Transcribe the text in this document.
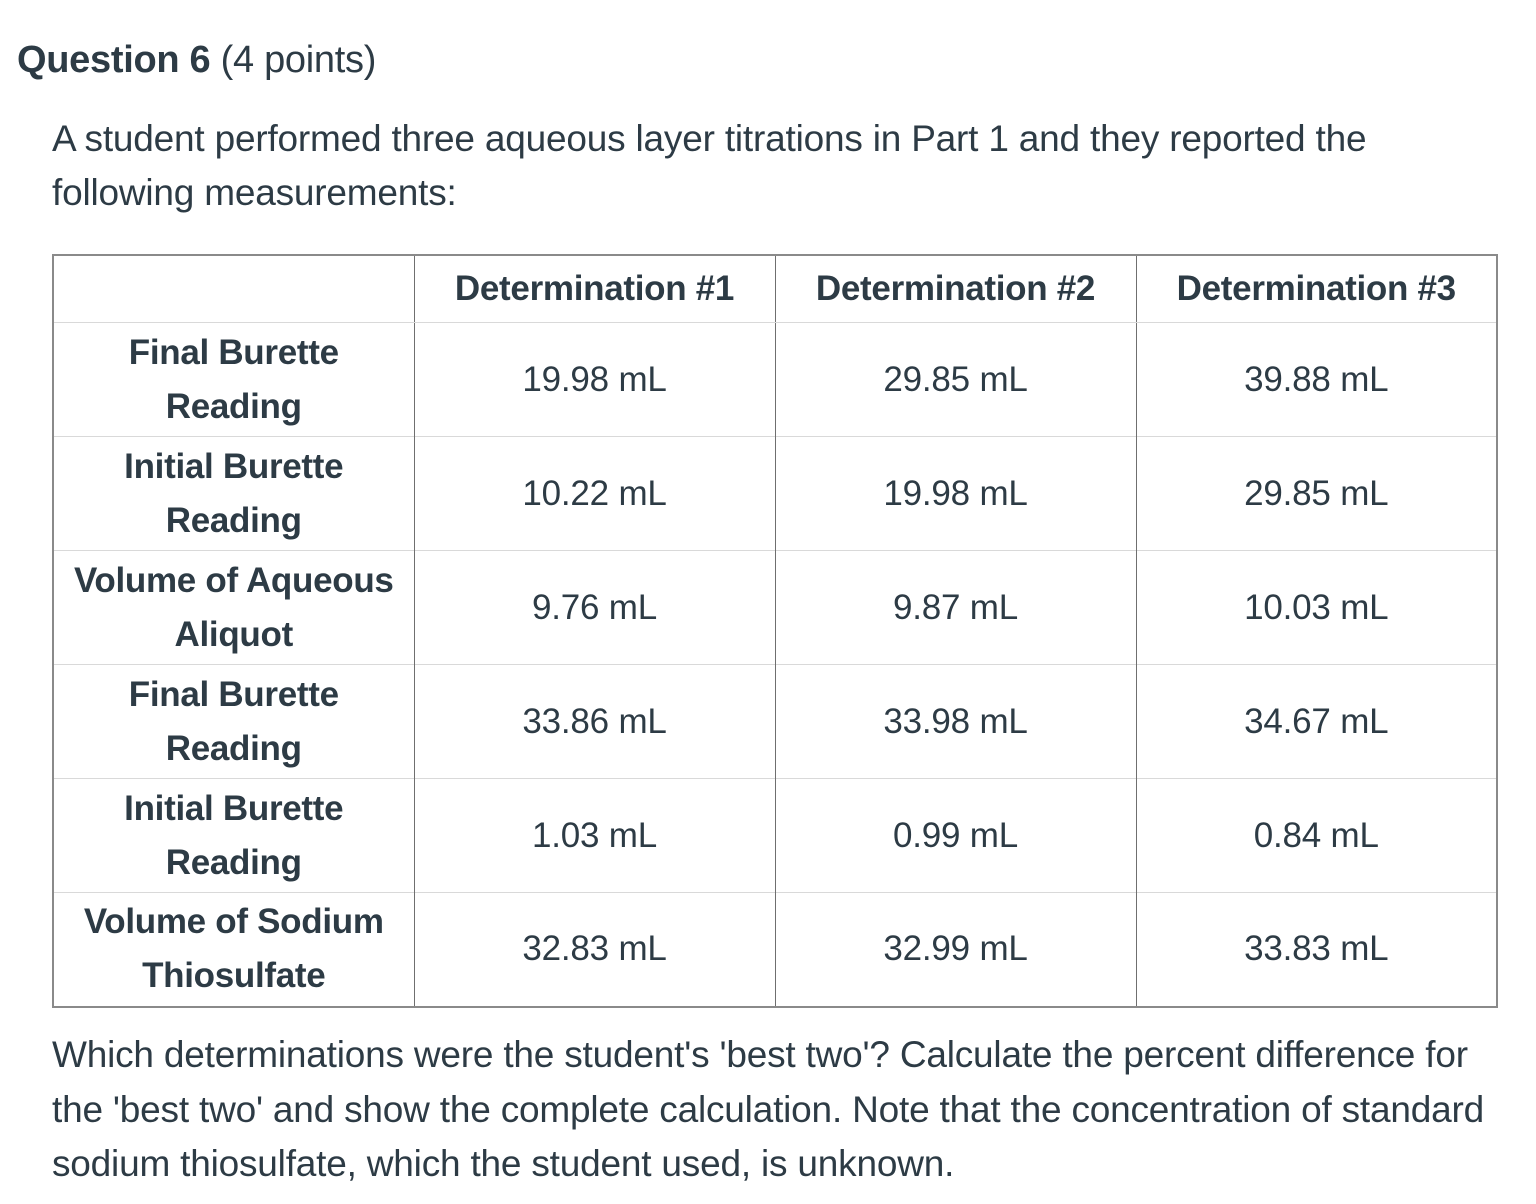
Question 6 (4 points)

A student performed three aqueous layer titrations in Part 1 and they reported the following measurements:

	Determination #1	Determination #2	Determination #3
Final Burette Reading	19.98 mL	29.85 mL	39.88 mL
Initial Burette Reading	10.22 mL	19.98 mL	29.85 mL
Volume of Aqueous Aliquot	9.76 mL	9.87 mL	10.03 mL
Final Burette Reading	33.86 mL	33.98 mL	34.67 mL
Initial Burette Reading	1.03 mL	0.99 mL	0.84 mL
Volume of Sodium Thiosulfate	32.83 mL	32.99 mL	33.83 mL

Which determinations were the student's 'best two'? Calculate the percent difference for the 'best two' and show the complete calculation. Note that the concentration of standard sodium thiosulfate, which the student used, is unknown.
